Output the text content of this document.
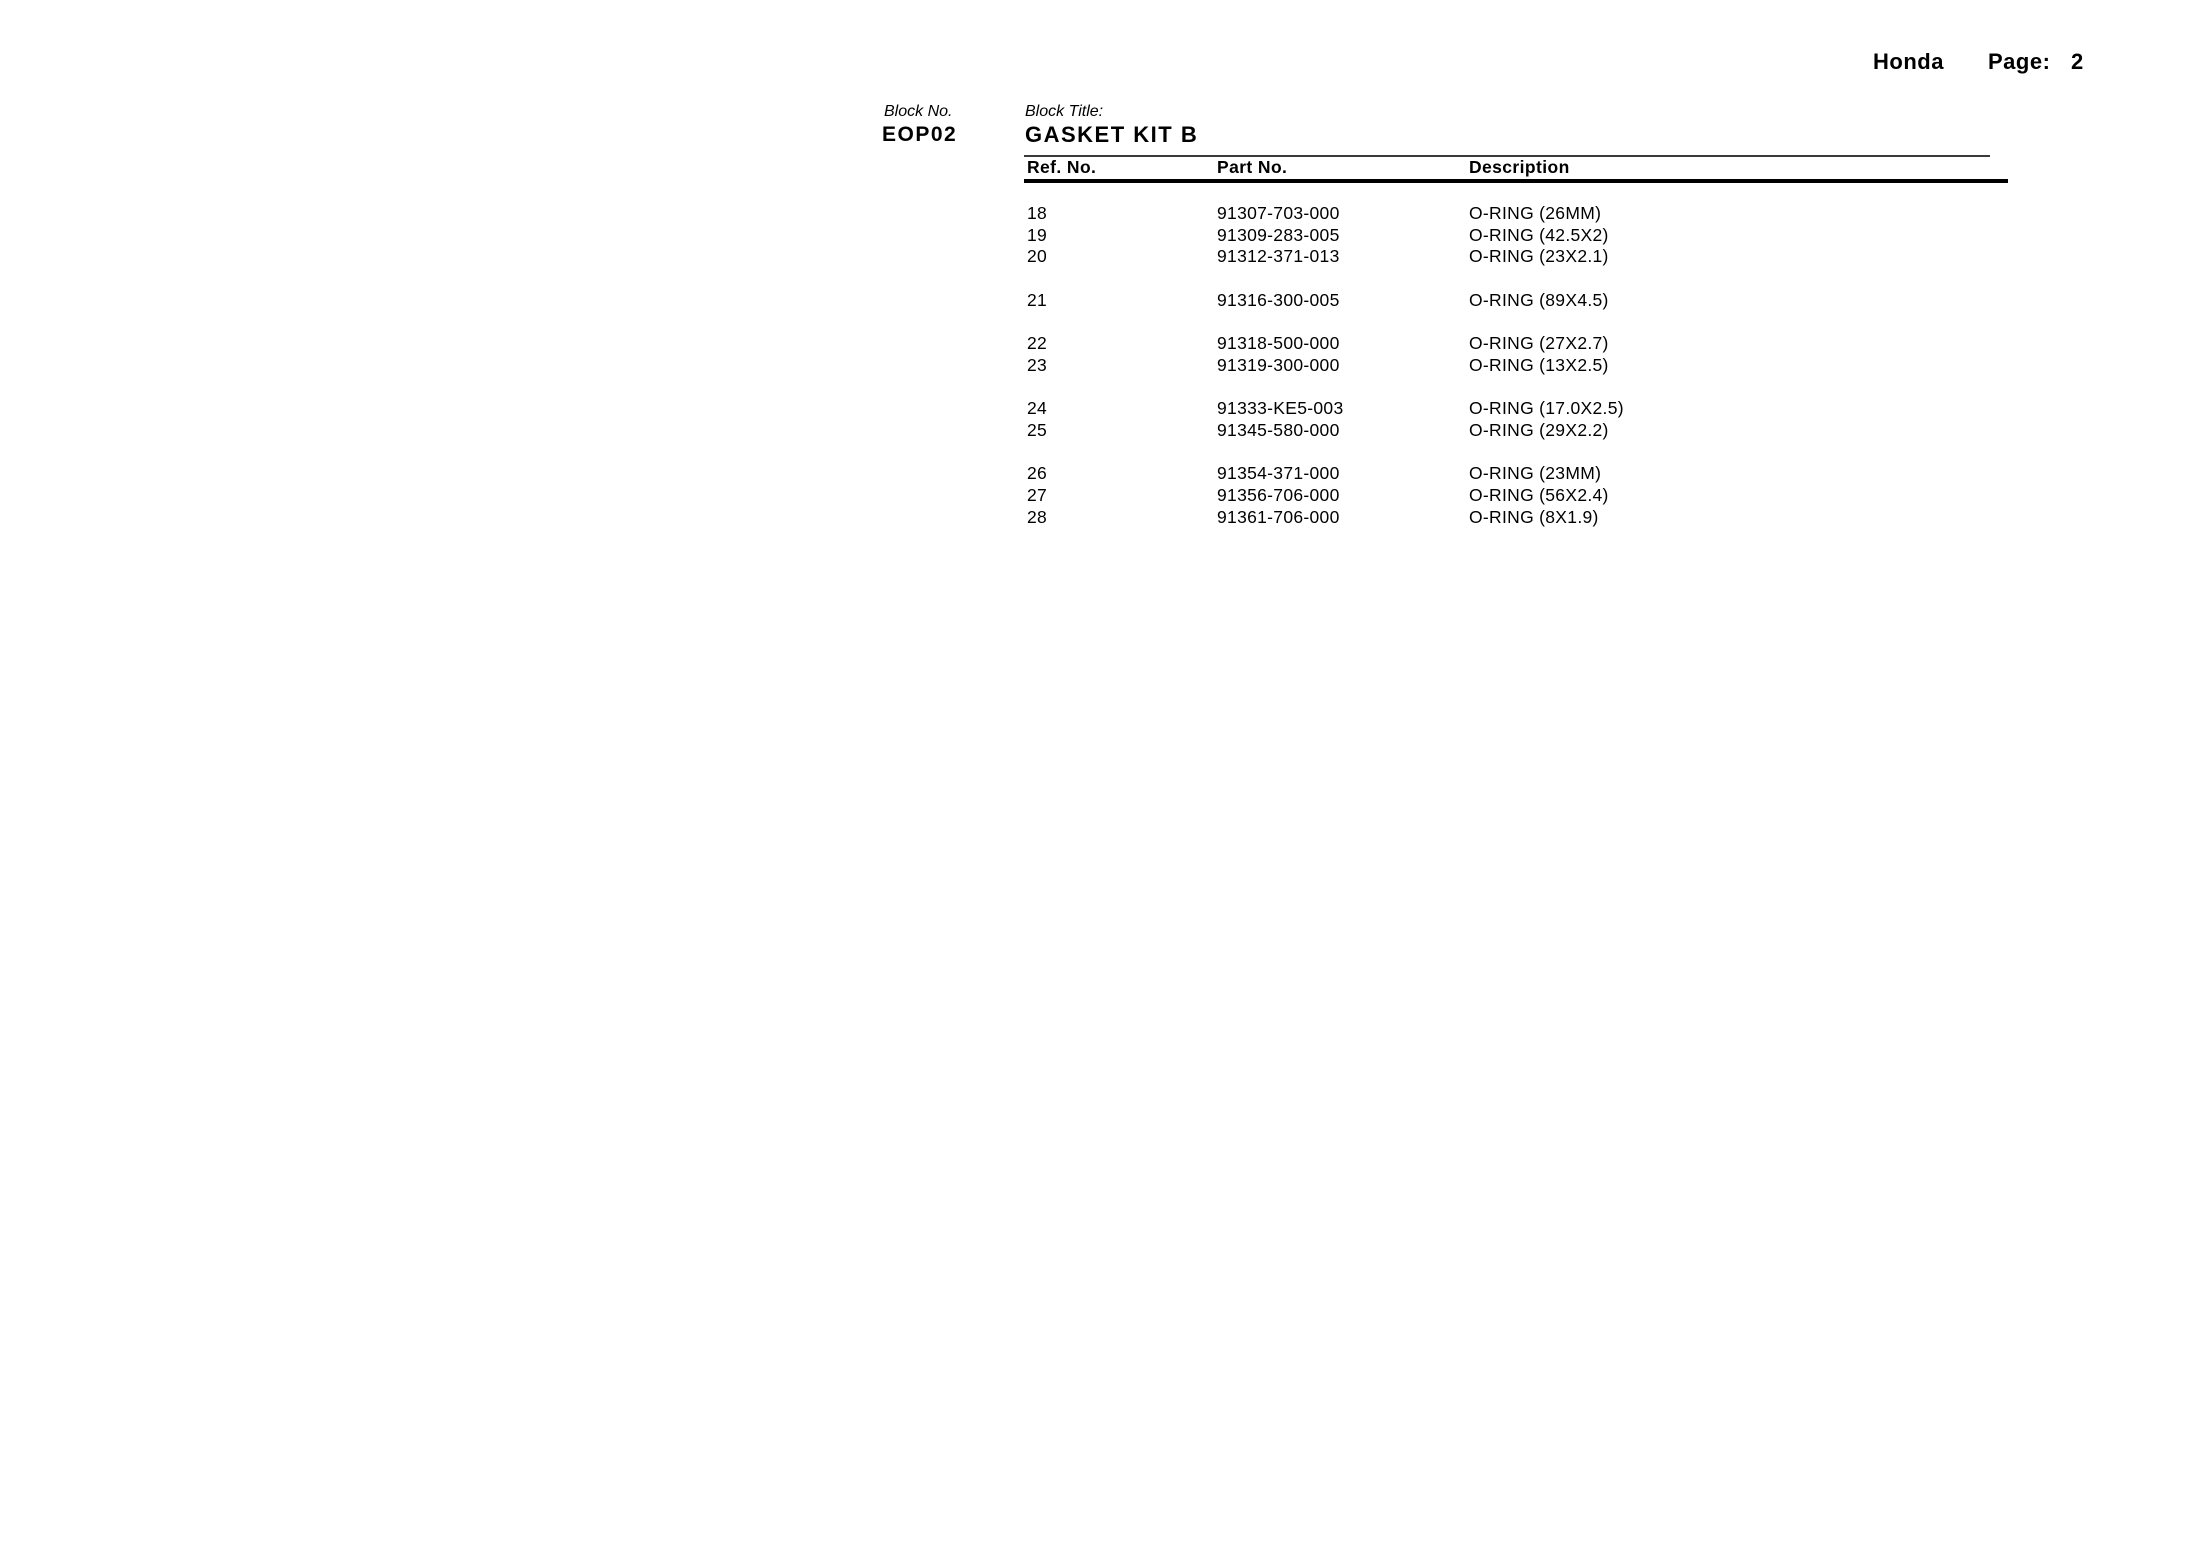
Honda Page: 2
Block No.	Block Title:
EOP02	GASKET KIT B
Ref. No.	Part No.	Description
18	91307-703-000	O-RING (26MM)
19	91309-283-005	O-RING (42.5X2)
20	91312-371-013	O-RING (23X2.1)
21	91316-300-005	O-RING (89X4.5)
22	91318-500-000	O-RING (27X2.7)
23	91319-300-000	O-RING (13X2.5)
24	91333-KE5-003	O-RING (17.0X2.5)
25	91345-580-000	O-RING (29X2.2)
26	91354-371-000	O-RING (23MM)
27	91356-706-000	O-RING (56X2.4)
28	91361-706-000	O-RING (8X1.9)
